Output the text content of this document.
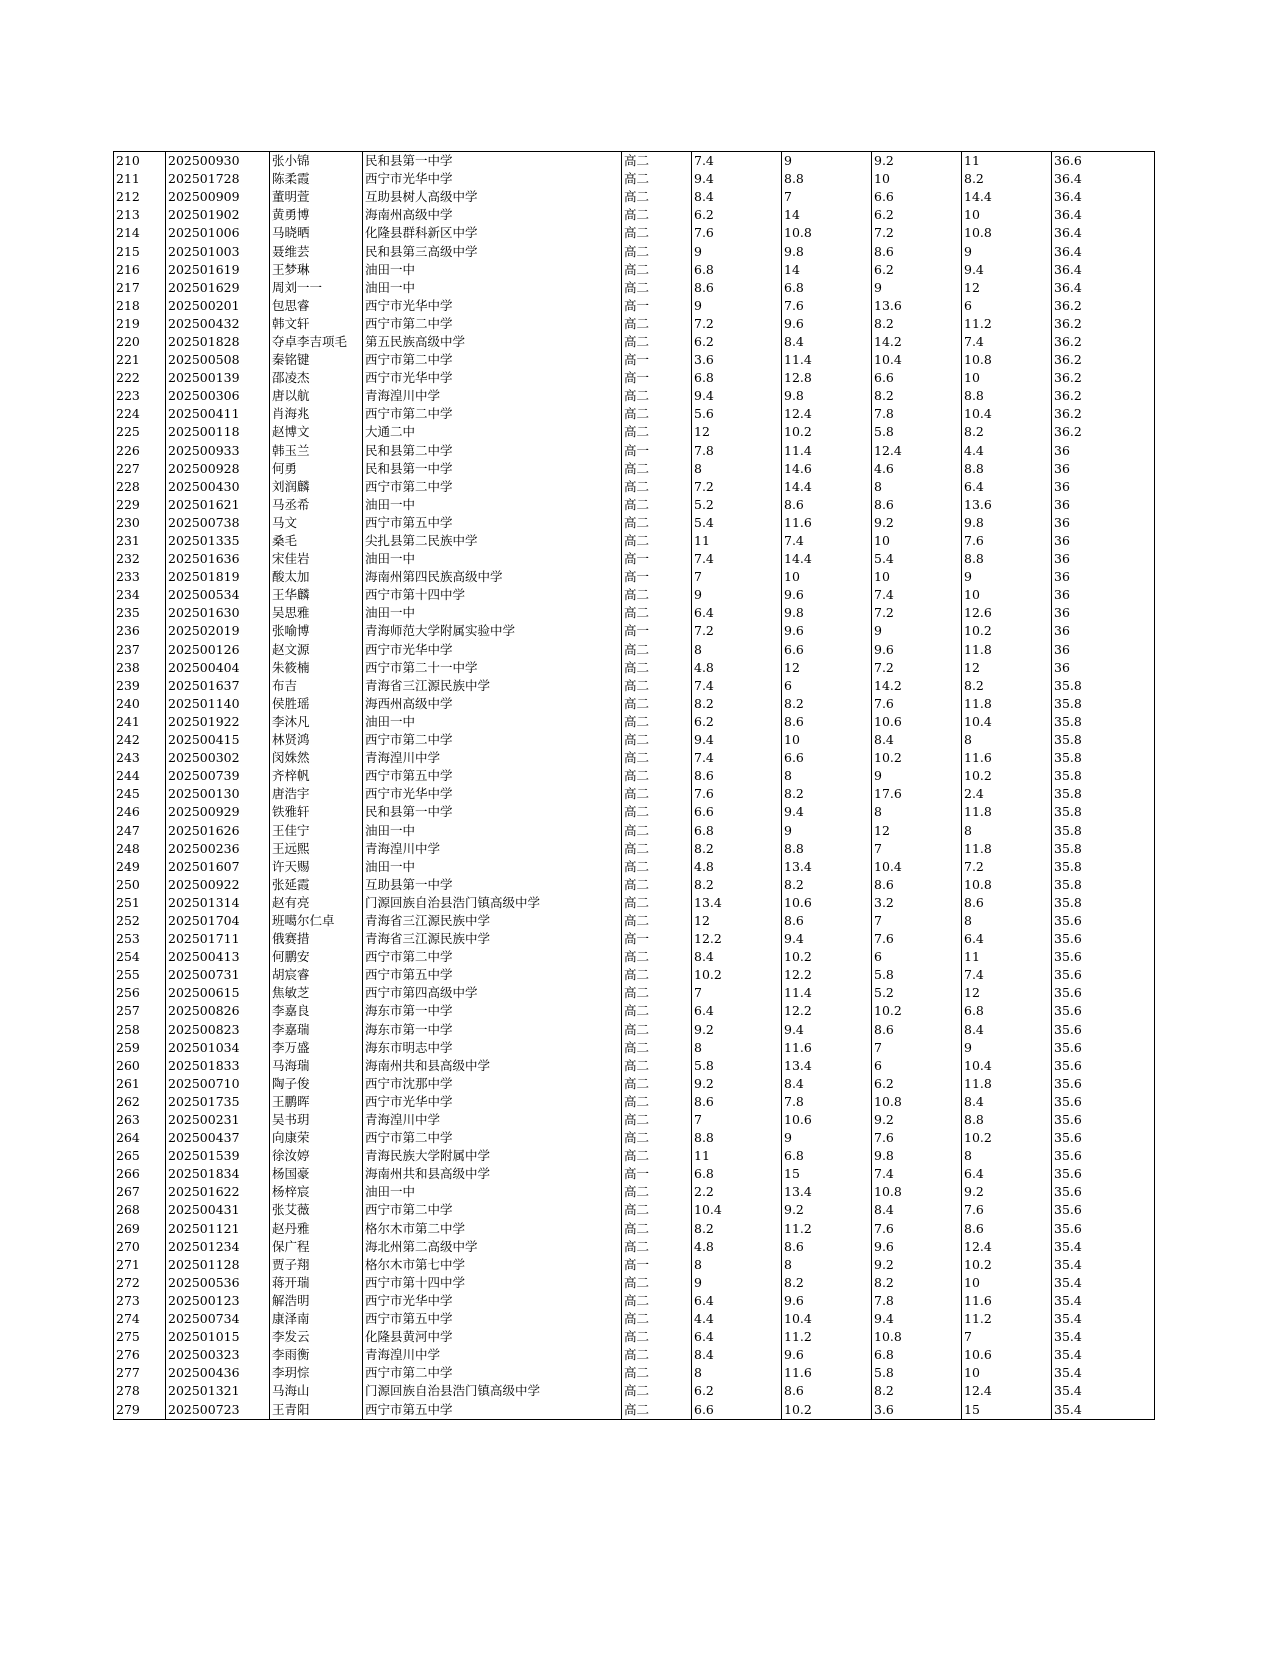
210	202500930	张小锦	民和县第一中学	高二	7.4	9	9.2	11	36.6
211	202501728	陈柔霞	西宁市光华中学	高二	9.4	8.8	10	8.2	36.4
212	202500909	董明萱	互助县树人高级中学	高二	8.4	7	6.6	14.4	36.4
213	202501902	黄勇博	海南州高级中学	高二	6.2	14	6.2	10	36.4
214	202501006	马晓晒	化隆县群科新区中学	高二	7.6	10.8	7.2	10.8	36.4
215	202501003	聂维芸	民和县第三高级中学	高二	9	9.8	8.6	9	36.4
216	202501619	王梦琳	油田一中	高二	6.8	14	6.2	9.4	36.4
217	202501629	周刘一一	油田一中	高二	8.6	6.8	9	12	36.4
218	202500201	包思睿	西宁市光华中学	高一	9	7.6	13.6	6	36.2
219	202500432	韩文轩	西宁市第二中学	高二	7.2	9.6	8.2	11.2	36.2
220	202501828	夺卓李吉项毛	第五民族高级中学	高二	6.2	8.4	14.2	7.4	36.2
221	202500508	秦铭键	西宁市第二中学	高一	3.6	11.4	10.4	10.8	36.2
222	202500139	邵凌杰	西宁市光华中学	高一	6.8	12.8	6.6	10	36.2
223	202500306	唐以航	青海湟川中学	高二	9.4	9.8	8.2	8.8	36.2
224	202500411	肖海兆	西宁市第二中学	高二	5.6	12.4	7.8	10.4	36.2
225	202500118	赵博文	大通二中	高二	12	10.2	5.8	8.2	36.2
226	202500933	韩玉兰	民和县第二中学	高一	7.8	11.4	12.4	4.4	36
227	202500928	何勇	民和县第一中学	高二	8	14.6	4.6	8.8	36
228	202500430	刘润麟	西宁市第二中学	高二	7.2	14.4	8	6.4	36
229	202501621	马丞希	油田一中	高二	5.2	8.6	8.6	13.6	36
230	202500738	马文	西宁市第五中学	高二	5.4	11.6	9.2	9.8	36
231	202501335	桑毛	尖扎县第二民族中学	高二	11	7.4	10	7.6	36
232	202501636	宋佳岩	油田一中	高一	7.4	14.4	5.4	8.8	36
233	202501819	酸太加	海南州第四民族高级中学	高一	7	10	10	9	36
234	202500534	王华麟	西宁市第十四中学	高二	9	9.6	7.4	10	36
235	202501630	吴思雅	油田一中	高二	6.4	9.8	7.2	12.6	36
236	202502019	张喻博	青海师范大学附属实验中学	高一	7.2	9.6	9	10.2	36
237	202500126	赵文源	西宁市光华中学	高二	8	6.6	9.6	11.8	36
238	202500404	朱筱楠	西宁市第二十一中学	高二	4.8	12	7.2	12	36
239	202501637	布吉	青海省三江源民族中学	高二	7.4	6	14.2	8.2	35.8
240	202501140	侯胜瑶	海西州高级中学	高二	8.2	8.2	7.6	11.8	35.8
241	202501922	李沐凡	油田一中	高二	6.2	8.6	10.6	10.4	35.8
242	202500415	林贤鸿	西宁市第二中学	高二	9.4	10	8.4	8	35.8
243	202500302	闵姝然	青海湟川中学	高二	7.4	6.6	10.2	11.6	35.8
244	202500739	齐梓帆	西宁市第五中学	高二	8.6	8	9	10.2	35.8
245	202500130	唐浩宇	西宁市光华中学	高二	7.6	8.2	17.6	2.4	35.8
246	202500929	铁雅轩	民和县第一中学	高二	6.6	9.4	8	11.8	35.8
247	202501626	王佳宁	油田一中	高二	6.8	9	12	8	35.8
248	202500236	王远熙	青海湟川中学	高二	8.2	8.8	7	11.8	35.8
249	202501607	许天赐	油田一中	高二	4.8	13.4	10.4	7.2	35.8
250	202500922	张延霞	互助县第一中学	高二	8.2	8.2	8.6	10.8	35.8
251	202501314	赵有亮	门源回族自治县浩门镇高级中学	高二	13.4	10.6	3.2	8.6	35.8
252	202501704	班噶尔仁卓	青海省三江源民族中学	高二	12	8.6	7	8	35.6
253	202501711	俄赛措	青海省三江源民族中学	高一	12.2	9.4	7.6	6.4	35.6
254	202500413	何鹏安	西宁市第二中学	高二	8.4	10.2	6	11	35.6
255	202500731	胡宸睿	西宁市第五中学	高二	10.2	12.2	5.8	7.4	35.6
256	202500615	焦敏芝	西宁市第四高级中学	高二	7	11.4	5.2	12	35.6
257	202500826	李嘉良	海东市第一中学	高二	6.4	12.2	10.2	6.8	35.6
258	202500823	李嘉瑞	海东市第一中学	高二	9.2	9.4	8.6	8.4	35.6
259	202501034	李万盛	海东市明志中学	高二	8	11.6	7	9	35.6
260	202501833	马海瑞	海南州共和县高级中学	高二	5.8	13.4	6	10.4	35.6
261	202500710	陶子俊	西宁市沈那中学	高二	9.2	8.4	6.2	11.8	35.6
262	202501735	王鹏晖	西宁市光华中学	高二	8.6	7.8	10.8	8.4	35.6
263	202500231	吴书玥	青海湟川中学	高二	7	10.6	9.2	8.8	35.6
264	202500437	向康荣	西宁市第二中学	高二	8.8	9	7.6	10.2	35.6
265	202501539	徐汝婷	青海民族大学附属中学	高二	11	6.8	9.8	8	35.6
266	202501834	杨国豪	海南州共和县高级中学	高一	6.8	15	7.4	6.4	35.6
267	202501622	杨梓宸	油田一中	高二	2.2	13.4	10.8	9.2	35.6
268	202500431	张艾薇	西宁市第二中学	高二	10.4	9.2	8.4	7.6	35.6
269	202501121	赵丹雅	格尔木市第二中学	高二	8.2	11.2	7.6	8.6	35.6
270	202501234	保广程	海北州第二高级中学	高二	4.8	8.6	9.6	12.4	35.4
271	202501128	贾子翔	格尔木市第七中学	高一	8	8	9.2	10.2	35.4
272	202500536	蒋开瑞	西宁市第十四中学	高二	9	8.2	8.2	10	35.4
273	202500123	解浩明	西宁市光华中学	高二	6.4	9.6	7.8	11.6	35.4
274	202500734	康泽南	西宁市第五中学	高二	4.4	10.4	9.4	11.2	35.4
275	202501015	李发云	化隆县黄河中学	高二	6.4	11.2	10.8	7	35.4
276	202500323	李雨衡	青海湟川中学	高二	8.4	9.6	6.8	10.6	35.4
277	202500436	李玥悰	西宁市第二中学	高二	8	11.6	5.8	10	35.4
278	202501321	马海山	门源回族自治县浩门镇高级中学	高二	6.2	8.6	8.2	12.4	35.4
279	202500723	王青阳	西宁市第五中学	高二	6.6	10.2	3.6	15	35.4
